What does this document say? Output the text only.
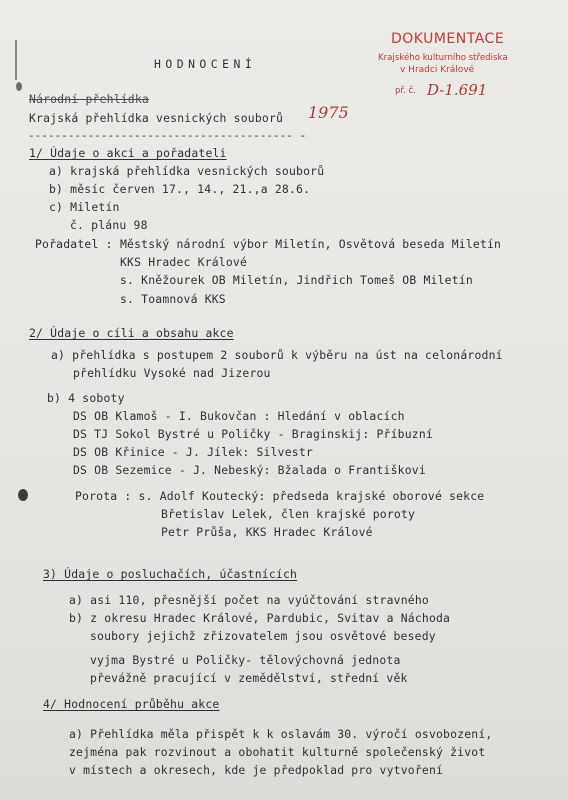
DOKUMENTACE
Krajského kulturního střediska
v Hradci Králové
př. č. D-1.691
HODNOCENÍ
Národní přehlídka
Krajská přehlídka vesnických souborů 1975
---------------------------------------- -
1/ Údaje o akci a pořadateli
a) krajská přehlídka vesnických souborů
b) měsíc červen 17., 14., 21.,a 28.6.
c) Miletín
č. plánu 98
Pořadatel : Městský národní výbor Miletín, Osvětová beseda Miletín
KKS Hradec Králové
s. Kněžourek OB Miletín, Jindřich Tomeš OB Miletín
s. Toamnová KKS
2/ Údaje o cíli a obsahu akce
a) přehlídka s postupem 2 souborů k výběru na úst na celonárodní
přehlídku Vysoké nad Jizerou
b) 4 soboty
DS OB Klamoš - I. Bukovčan : Hledání v oblacích
DS TJ Sokol Bystré u Poličky - Braginskij: Příbuzní
DS OB Křinice - J. Jílek: Silvestr
DS OB Sezemice - J. Nebeský: Bžalada o Františkovi
Porota : s. Adolf Koutecký: předseda krajské oborové sekce
Břetislav Lelek, člen krajské poroty
Petr Průša, KKS Hradec Králové
3) Údaje o posluchačích, účastnících
a) asi 110, přesnější počet na vyúčtování stravného
b) z okresu Hradec Králové, Pardubic, Svitav a Náchoda
soubory jejichž zřizovatelem jsou osvětové besedy
vyjma Bystré u Poličky- tělovýchovná jednota
převážně pracující v zemědělství, střední věk
4/ Hodnocení průběhu akce
a) Přehlídka měla přispět k k oslavám 30. výročí osvobození,
zejména pak rozvinout a obohatit kulturně společenský život
v místech a okresech, kde je předpoklad pro vytvoření
